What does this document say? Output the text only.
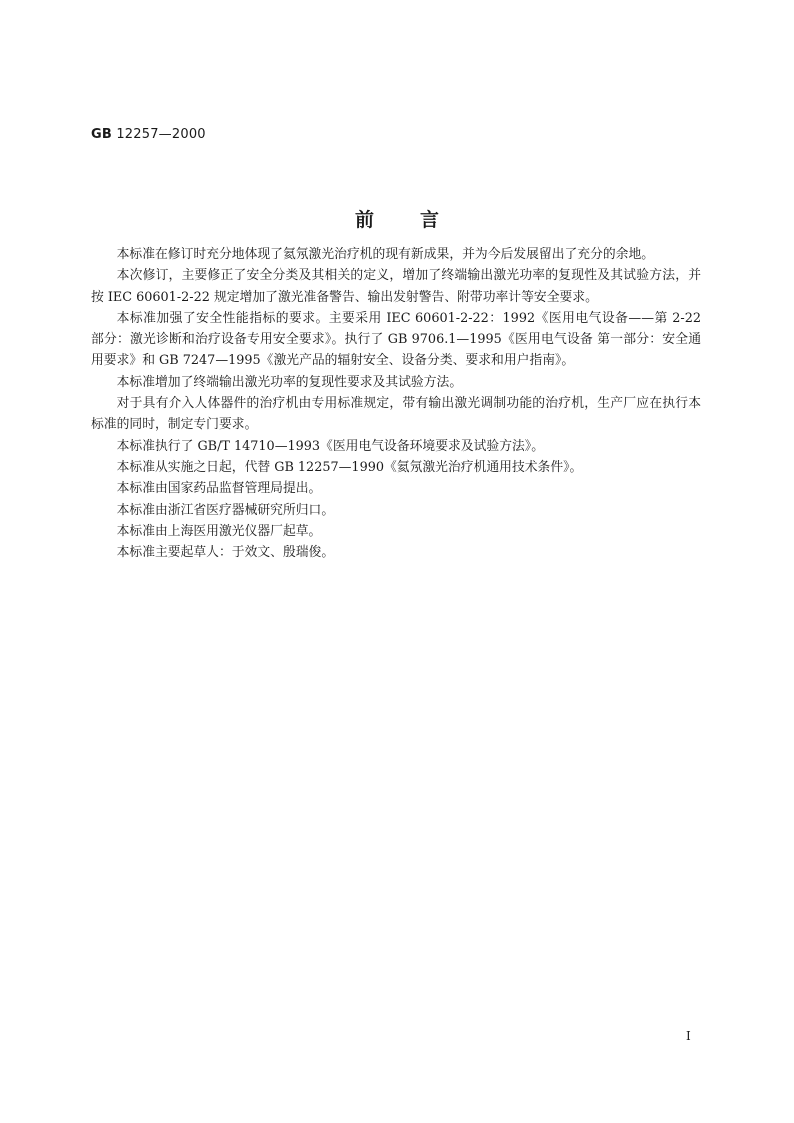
GB 12257—2000
前言

本标准在修订时充分地体现了氦氖激光治疗机的现有新成果，并为今后发展留出了充分的余地。

本次修订，主要修正了安全分类及其相关的定义，增加了终端输出激光功率的复现性及其试验方法，并按 IEC 60601-2-22 规定增加了激光准备警告、输出发射警告、附带功率计等安全要求。

本标准加强了安全性能指标的要求。主要采用 IEC 60601-2-22：1992《医用电气设备——第 2-22 部分：激光诊断和治疗设备专用安全要求》。执行了 GB 9706.1—1995《医用电气设备 第一部分：安全通用要求》和 GB 7247—1995《激光产品的辐射安全、设备分类、要求和用户指南》。

本标准增加了终端输出激光功率的复现性要求及其试验方法。

对于具有介入人体器件的治疗机由专用标准规定，带有输出激光调制功能的治疗机，生产厂应在执行本标准的同时，制定专门要求。

本标准执行了 GB/T 14710—1993《医用电气设备环境要求及试验方法》。

本标准从实施之日起，代替 GB 12257—1990《氦氖激光治疗机通用技术条件》。

本标准由国家药品监督管理局提出。

本标准由浙江省医疗器械研究所归口。

本标准由上海医用激光仪器厂起草。

本标准主要起草人：于效文、殷瑞俊。

I
